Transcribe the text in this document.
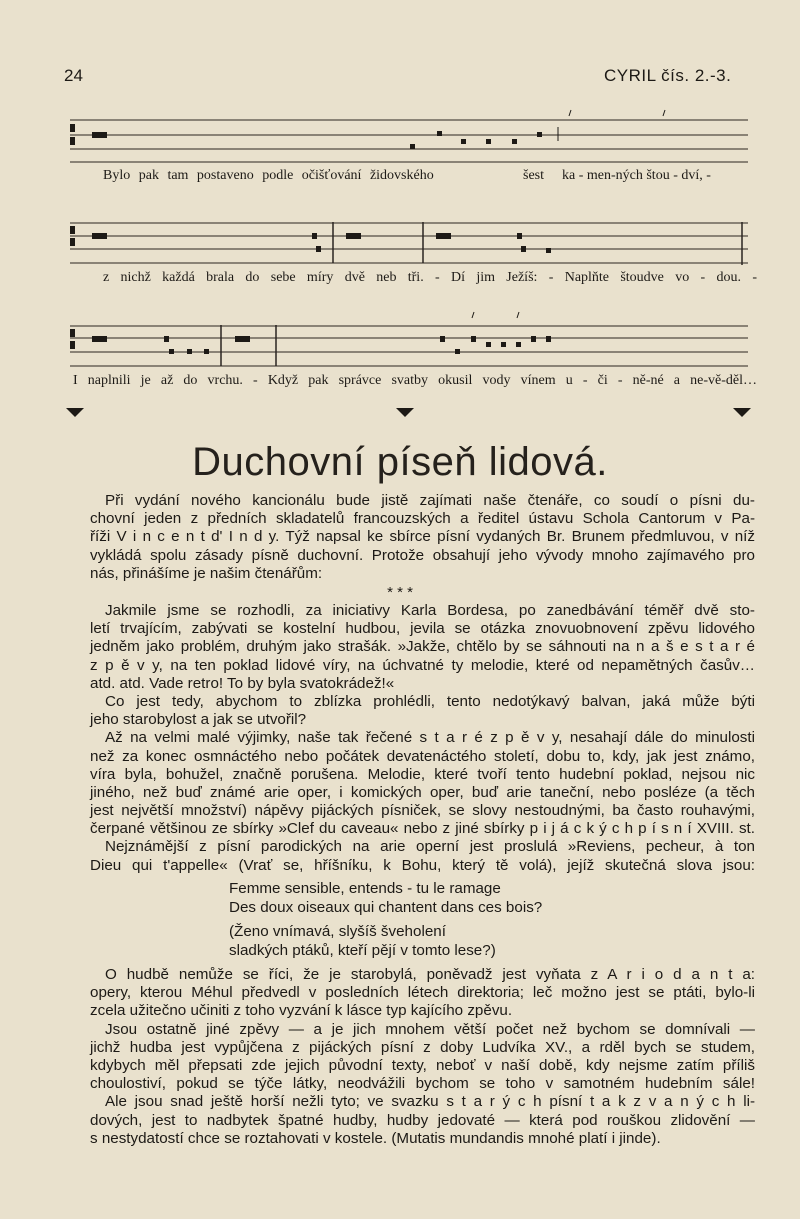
24	CYRIL čís. 2.-3.
Bylo pak tam postaveno podle očišťování židovského	šest ka - men-ných štou - dví, -
z nichž každá brala do sebe míry dvě neb tři. - Dí jim Ježíš: - Naplňte štoudve vo - dou. -
I naplnili je až do vrchu. - Když pak správce svatby okusil vody vínem u - či - ně-né a ne-vě-děl…
Duchovní píseň lidová.
Při vydání nového kancionálu bude jistě zajímati naše čtenáře, co soudí o písni du-
chovní jeden z předních skladatelů francouzských a ředitel ústavu Schola Cantorum v Pa-
říži V i n c e n t d' I n d y. Týž napsal ke sbírce písní vydaných Br. Brunem předmluvou, v níž
vykládá spolu zásady písně duchovní. Protože obsahují jeho vývody mnoho zajímavého pro
nás, přinášíme je našim čtenářům:
* * *
Jakmile jsme se rozhodli, za iniciativy Karla Bordesa, po zanedbávání téměř dvě sto-
letí trvajícím, zabývati se kostelní hudbou, jevila se otázka znovuobnovení zpěvu lidového
jedněm jako problém, druhým jako strašák. »Jakže, chtělo by se sáhnouti na n a š e s t a r é
z p ě v y, na ten poklad lidové víry, na úchvatné ty melodie, které od nepamětných časův…
atd. atd. Vade retro! To by byla svatokrádež!«
Co jest tedy, abychom to zblízka prohlédli, tento nedotýkavý balvan, jaká může býti
jeho starobylost a jak se utvořil?
Až na velmi malé výjimky, naše tak řečené s t a r é z p ě v y, nesahají dále do minulosti
než za konec osmnáctého nebo počátek devatenáctého století, dobu to, kdy, jak jest známo,
víra byla, bohužel, značně porušena. Melodie, které tvoří tento hudební poklad, nejsou nic
jiného, než buď známé arie oper, i komických oper, buď arie taneční, nebo posléze (a těch
jest největší množství) nápěvy pijáckých písniček, se slovy nestoudnými, ba často rouhavými,
čerpané většinou ze sbírky »Clef du caveau« nebo z jiné sbírky p i j á c k ý c h p í s n í XVIII. st.
Nejznámější z písní parodických na arie operní jest proslulá »Reviens, pecheur, à ton
Dieu qui t'appelle« (Vrať se, hříšníku, k Bohu, který tě volá), jejíž skutečná slova jsou:
Femme sensible, entends - tu le ramage
Des doux oiseaux qui chantent dans ces bois?
(Ženo vnímavá, slyšíš šveholení
sladkých ptáků, kteří pějí v tomto lese?)
O hudbě nemůže se říci, že je starobylá, poněvadž jest vyňata z A r i o d a n t a:
opery, kterou Méhul předvedl v posledních létech direktoria; leč možno jest se ptáti, bylo-li
zcela užitečno učiniti z toho vyzvání k lásce typ kajícího zpěvu.
Jsou ostatně jiné zpěvy — a je jich mnohem větší počet než bychom se domnívali —
jichž hudba jest vypůjčena z pijáckých písní z doby Ludvíka XV., a rděl bych se studem,
kdybych měl přepsati zde jejich původní texty, neboť v naší době, kdy nejsme zatím příliš
choulostiví, pokud se týče látky, neodvážili bychom se toho v samotném hudebním sále!
Ale jsou snad ještě horší nežli tyto; ve svazku s t a r ý c h písní t a k z v a n ý c h li-
dových, jest to nadbytek špatné hudby, hudby jedovaté — která pod rouškou zlidovění —
s nestydatostí chce se roztahovati v kostele. (Mutatis mundandis mnohé platí i jinde).
